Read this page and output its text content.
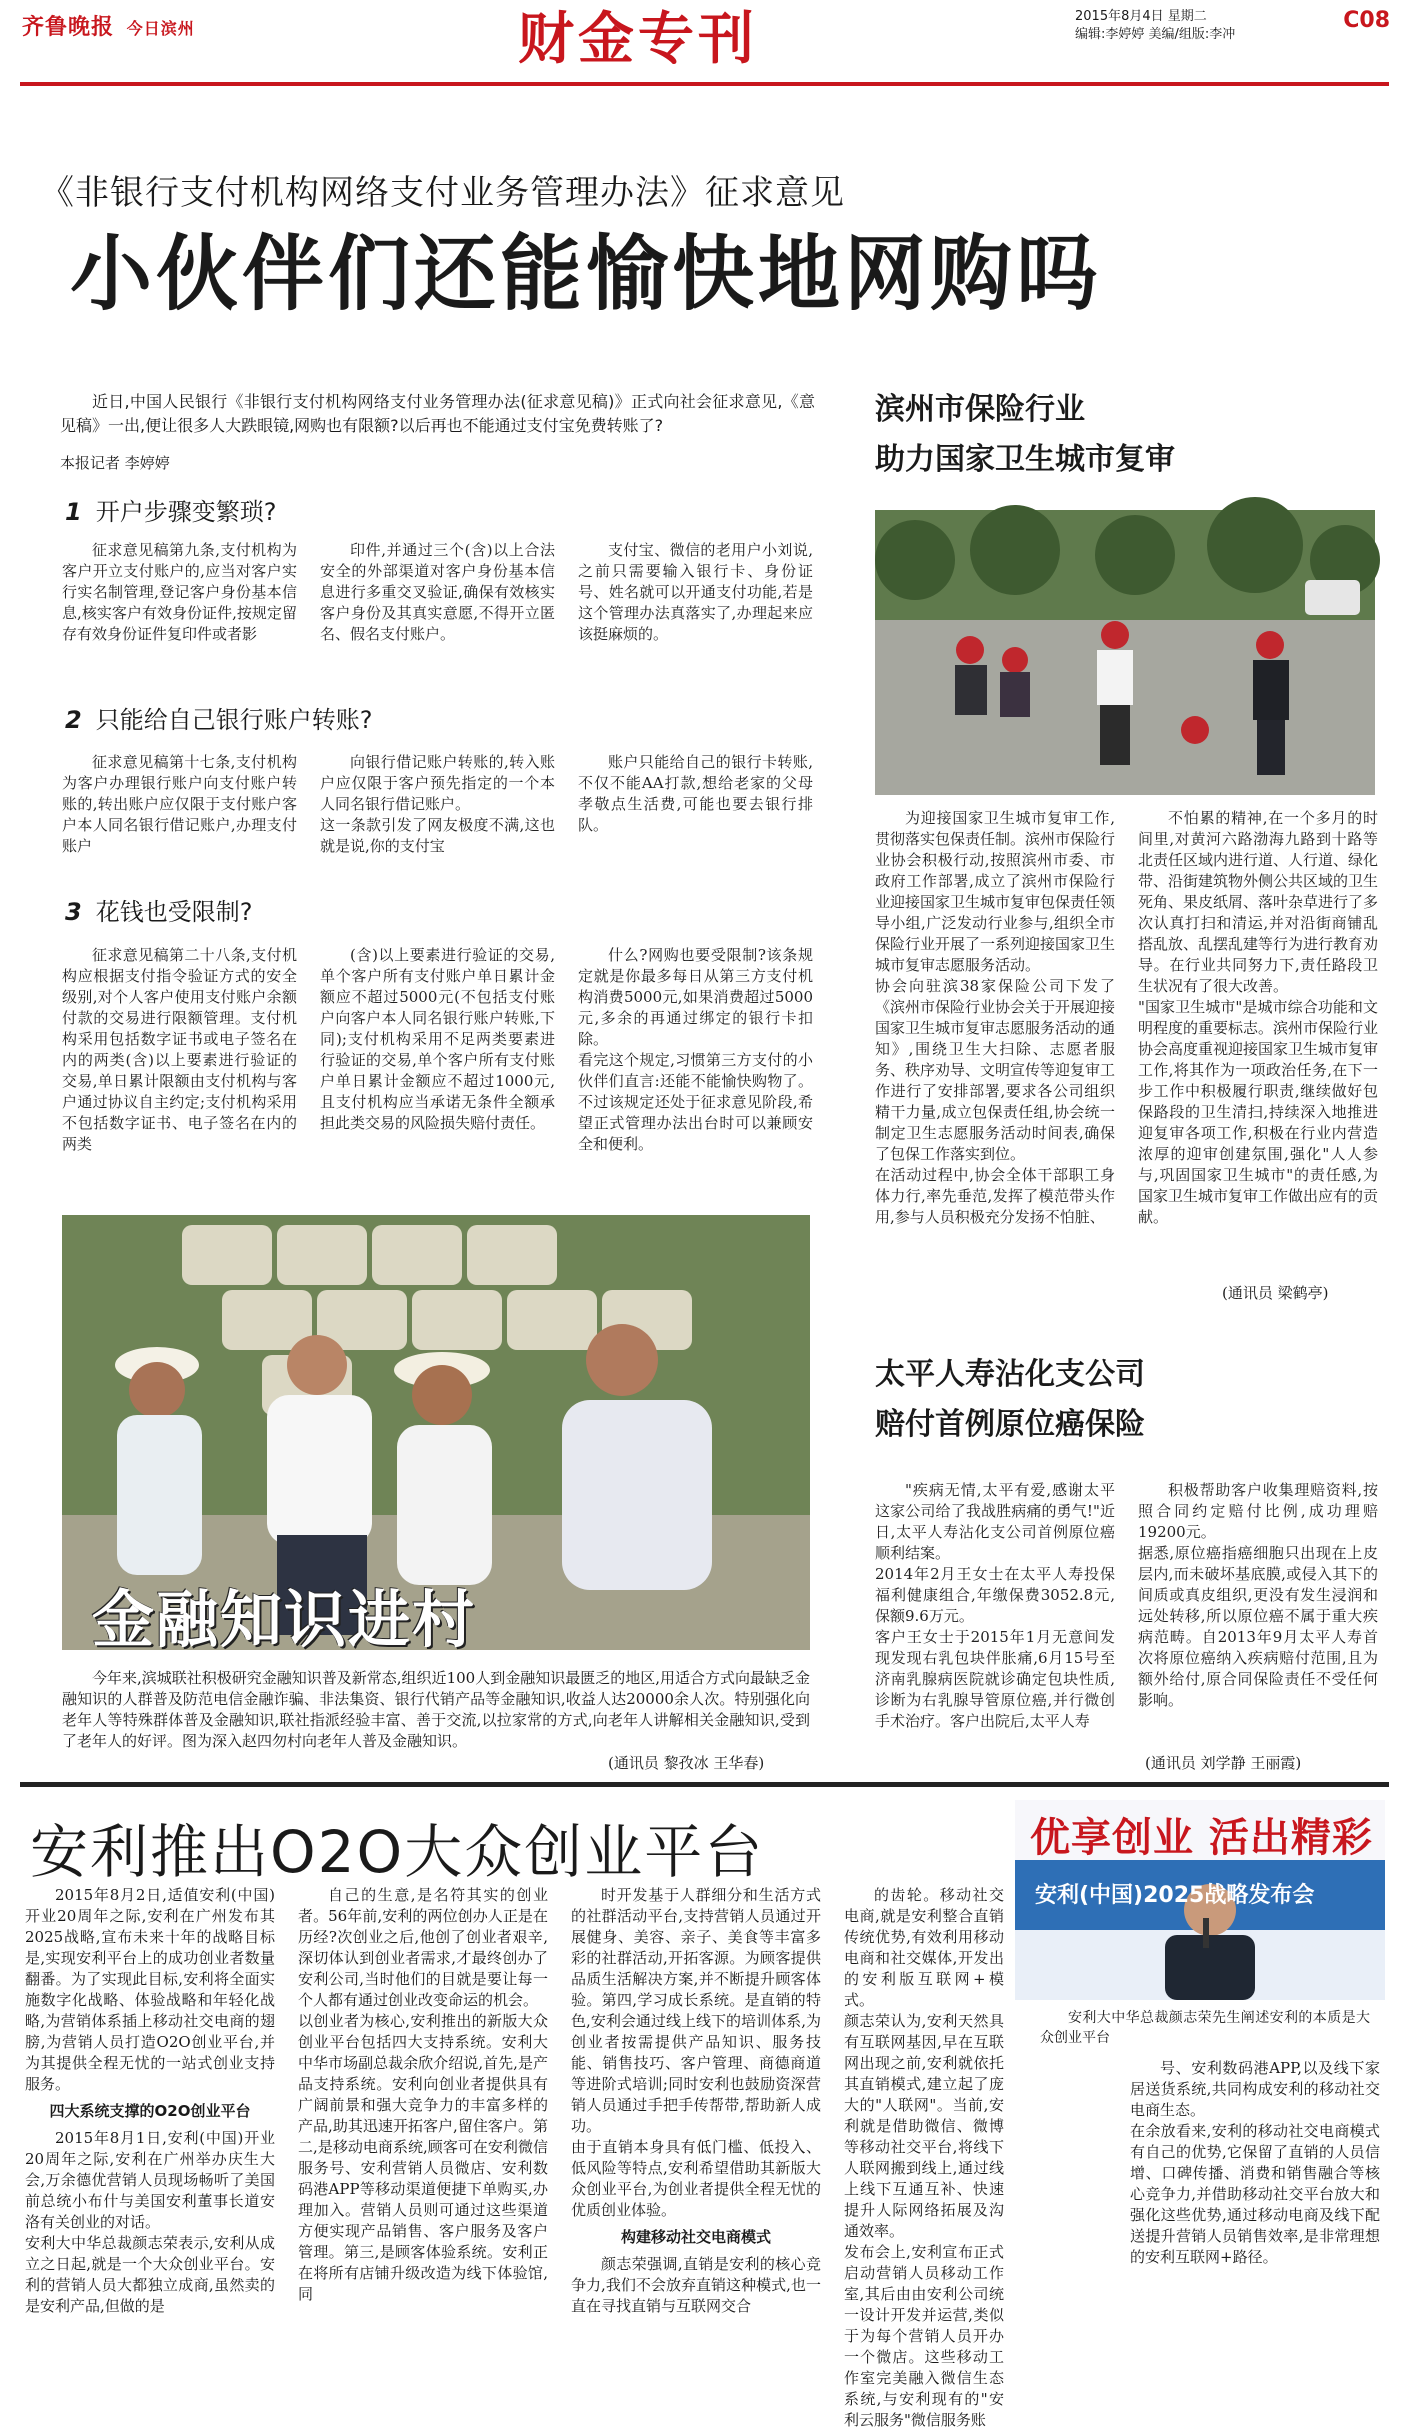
齐鲁晚报 今日滨州	财金专刊	2015年8月4日 星期二
编辑:李婷婷 美编/组版:李冲
C08
《非银行支付机构网络支付业务管理办法》征求意见
小伙伴们还能愉快地网购吗

近日,中国人民银行《非银行支付机构网络支付业务管理办法(征求意见稿)》正式向社会征求意见,《意见稿》一出,便让很多人大跌眼镜,网购也有限额?以后再也不能通过支付宝免费转账了?

本报记者 李婷婷
1 开户步骤变繁琐?

征求意见稿第九条,支付机构为客户开立支付账户的,应当对客户实行实名制管理,登记客户身份基本信息,核实客户有效身份证件,按规定留存有效身份证件复印件或者影

印件,并通过三个(含)以上合法安全的外部渠道对客户身份基本信息进行多重交叉验证,确保有效核实客户身份及其真实意愿,不得开立匿名、假名支付账户。

支付宝、微信的老用户小刘说,之前只需要输入银行卡、身份证号、姓名就可以开通支付功能,若是这个管理办法真落实了,办理起来应该挺麻烦的。

2 只能给自己银行账户转账?

征求意见稿第十七条,支付机构为客户办理银行账户向支付账户转账的,转出账户应仅限于支付账户客户本人同名银行借记账户,办理支付账户

向银行借记账户转账的,转入账户应仅限于客户预先指定的一个本人同名银行借记账户。
这一条款引发了网友极度不满,这也就是说,你的支付宝

账户只能给自己的银行卡转账,不仅不能AA打款,想给老家的父母孝敬点生活费,可能也要去银行排队。

3 花钱也受限制?

征求意见稿第二十八条,支付机构应根据支付指令验证方式的安全级别,对个人客户使用支付账户余额付款的交易进行限额管理。支付机构采用包括数字证书或电子签名在内的两类(含)以上要素进行验证的交易,单日累计限额由支付机构与客户通过协议自主约定;支付机构采用不包括数字证书、电子签名在内的两类

(含)以上要素进行验证的交易,单个客户所有支付账户单日累计金额应不超过5000元(不包括支付账户向客户本人同名银行账户转账,下同);支付机构采用不足两类要素进行验证的交易,单个客户所有支付账户单日累计金额应不超过1000元,且支付机构应当承诺无条件全额承担此类交易的风险损失赔付责任。

什么?网购也要受限制?该条规定就是你最多每日从第三方支付机构消费5000元,如果消费超过5000元,多余的再通过绑定的银行卡扣除。
看完这个规定,习惯第三方支付的小伙伴们直言:还能不能愉快购物了。不过该规定还处于征求意见阶段,希望正式管理办法出台时可以兼顾安全和便利。

金融知识进村

今年来,滨城联社积极研究金融知识普及新常态,组织近100人到金融知识最匮乏的地区,用适合方式向最缺乏金融知识的人群普及防范电信金融诈骗、非法集资、银行代销产品等金融知识,收益人达20000余人次。特别强化向老年人等特殊群体普及金融知识,联社指派经验丰富、善于交流,以拉家常的方式,向老年人讲解相关金融知识,受到了老年人的好评。图为深入赵四勿村向老年人普及金融知识。

(通讯员 黎孜冰 王华春)
滨州市保险行业
助力国家卫生城市复审

为迎接国家卫生城市复审工作,贯彻落实包保责任制。滨州市保险行业协会积极行动,按照滨州市委、市政府工作部署,成立了滨州市保险行业迎接国家卫生城市复审包保责任领导小组,广泛发动行业参与,组织全市保险行业开展了一系列迎接国家卫生城市复审志愿服务活动。
协会向驻滨38家保险公司下发了《滨州市保险行业协会关于开展迎接国家卫生城市复审志愿服务活动的通知》,围绕卫生大扫除、志愿者服务、秩序劝导、文明宣传等迎复审工作进行了安排部署,要求各公司组织精干力量,成立包保责任组,协会统一制定卫生志愿服务活动时间表,确保了包保工作落实到位。
在活动过程中,协会全体干部职工身体力行,率先垂范,发挥了模范带头作用,参与人员积极充分发扬不怕脏、

不怕累的精神,在一个多月的时间里,对黄河六路渤海九路到十路等北责任区域内进行道、人行道、绿化带、沿街建筑物外侧公共区域的卫生死角、果皮纸屑、落叶杂草进行了多次认真打扫和清运,并对沿街商铺乱搭乱放、乱摆乱建等行为进行教育劝导。在行业共同努力下,责任路段卫生状况有了很大改善。
"国家卫生城市"是城市综合功能和文明程度的重要标志。滨州市保险行业协会高度重视迎接国家卫生城市复审工作,将其作为一项政治任务,在下一步工作中积极履行职责,继续做好包保路段的卫生清扫,持续深入地推进迎复审各项工作,积极在行业内营造浓厚的迎审创建氛围,强化"人人参与,巩固国家卫生城市"的责任感,为国家卫生城市复审工作做出应有的贡献。

(通讯员 梁鹤亭)
太平人寿沾化支公司
赔付首例原位癌保险

"疾病无情,太平有爱,感谢太平这家公司给了我战胜病痛的勇气!"近日,太平人寿沾化支公司首例原位癌顺利结案。
2014年2月王女士在太平人寿投保福利健康组合,年缴保费3052.8元,保额9.6万元。
客户王女士于2015年1月无意间发现发现右乳包块伴胀痛,6月15号至济南乳腺病医院就诊确定包块性质,诊断为右乳腺导管原位癌,并行微创手术治疗。客户出院后,太平人寿

积极帮助客户收集理赔资料,按照合同约定赔付比例,成功理赔19200元。
据悉,原位癌指癌细胞只出现在上皮层内,而未破坏基底膜,或侵入其下的间质或真皮组织,更没有发生浸润和远处转移,所以原位癌不属于重大疾病范畴。自2013年9月太平人寿首次将原位癌纳入疾病赔付范围,且为额外给付,原合同保险责任不受任何影响。

(通讯员 刘学静 王丽霞)
安利推出O2O大众创业平台	优享创业 活出精彩
安利(中国)2025战略发布会

安利大中华总裁颜志荣先生阐述安利的本质是大众创业平台

2015年8月2日,适值安利(中国)开业20周年之际,安利在广州发布其2025战略,宣布未来十年的战略目标是,实现安利平台上的成功创业者数量翻番。为了实现此目标,安利将全面实施数字化战略、体验战略和年轻化战略,为营销体系插上移动社交电商的翅膀,为营销人员打造O2O创业平台,并为其提供全程无忧的一站式创业支持服务。

四大系统支撑的O2O创业平台

2015年8月1日,安利(中国)开业20周年之际,安利在广州举办庆生大会,万余德优营销人员现场畅听了美国前总统小布什与美国安利董事长道安洛有关创业的对话。
安利大中华总裁颜志荣表示,安利从成立之日起,就是一个大众创业平台。安利的营销人员大都独立成商,虽然卖的是安利产品,但做的是

自己的生意,是名符其实的创业者。56年前,安利的两位创办人正是在历经?次创业之后,他创了创业者艰辛,深切体认到创业者需求,才最终创办了安利公司,当时他们的目就是要让每一个人都有通过创业改变命运的机会。
以创业者为核心,安利推出的新版大众创业平台包括四大支持系统。安利大中华市场副总裁余欣介绍说,首先,是产品支持系统。安利向创业者提供具有广阔前景和强大竞争力的丰富多样的产品,助其迅速开拓客户,留住客户。第二,是移动电商系统,顾客可在安利微信服务号、安利营销人员微店、安利数码港APP等移动渠道便捷下单购买,办理加入。营销人员则可通过这些渠道方便实现产品销售、客户服务及客户管理。第三,是顾客体验系统。安利正在将所有店铺升级改造为线下体验馆,同

时开发基于人群细分和生活方式的社群活动平台,支持营销人员通过开展健身、美容、亲子、美食等丰富多彩的社群活动,开拓客源。为顾客提供品质生活解决方案,并不断提升顾客体验。第四,学习成长系统。是直销的特色,安利会通过线上线下的培训体系,为创业者按需提供产品知识、服务技能、销售技巧、客户管理、商德商道等进阶式培训;同时安利也鼓励资深营销人员通过手把手传帮带,帮助新人成功。
由于直销本身具有低门槛、低投入、低风险等特点,安利希望借助其新版大众创业平台,为创业者提供全程无忧的优质创业体验。

构建移动社交电商模式

颜志荣强调,直销是安利的核心竞争力,我们不会放弃直销这种模式,也一直在寻找直销与互联网交合

的齿轮。移动社交电商,就是安利整合直销传统优势,有效利用移动电商和社交媒体,开发出的安利版互联网+模式。
颜志荣认为,安利天然具有互联网基因,早在互联网出现之前,安利就依托其直销模式,建立起了庞大的"人联网"。当前,安利就是借助微信、微博等移动社交平台,将线下人联网搬到线上,通过线上线下互通互补、快速提升人际网络拓展及沟通效率。
发布会上,安利宣布正式启动营销人员移动工作室,其后由由安利公司统一设计开发并运营,类似于为每个营销人员开办一个微店。这些移动工作室完美融入微信生态系统,与安利现有的"安利云服务"微信服务账

号、安利数码港APP,以及线下家居送货系统,共同构成安利的移动社交电商生态。
在余放看来,安利的移动社交电商模式有自己的优势,它保留了直销的人员信增、口碑传播、消费和销售融合等核心竞争力,并借助移动社交平台放大和强化这些优势,通过移动电商及线下配送提升营销人员销售效率,是非常理想的安利互联网+路径。
